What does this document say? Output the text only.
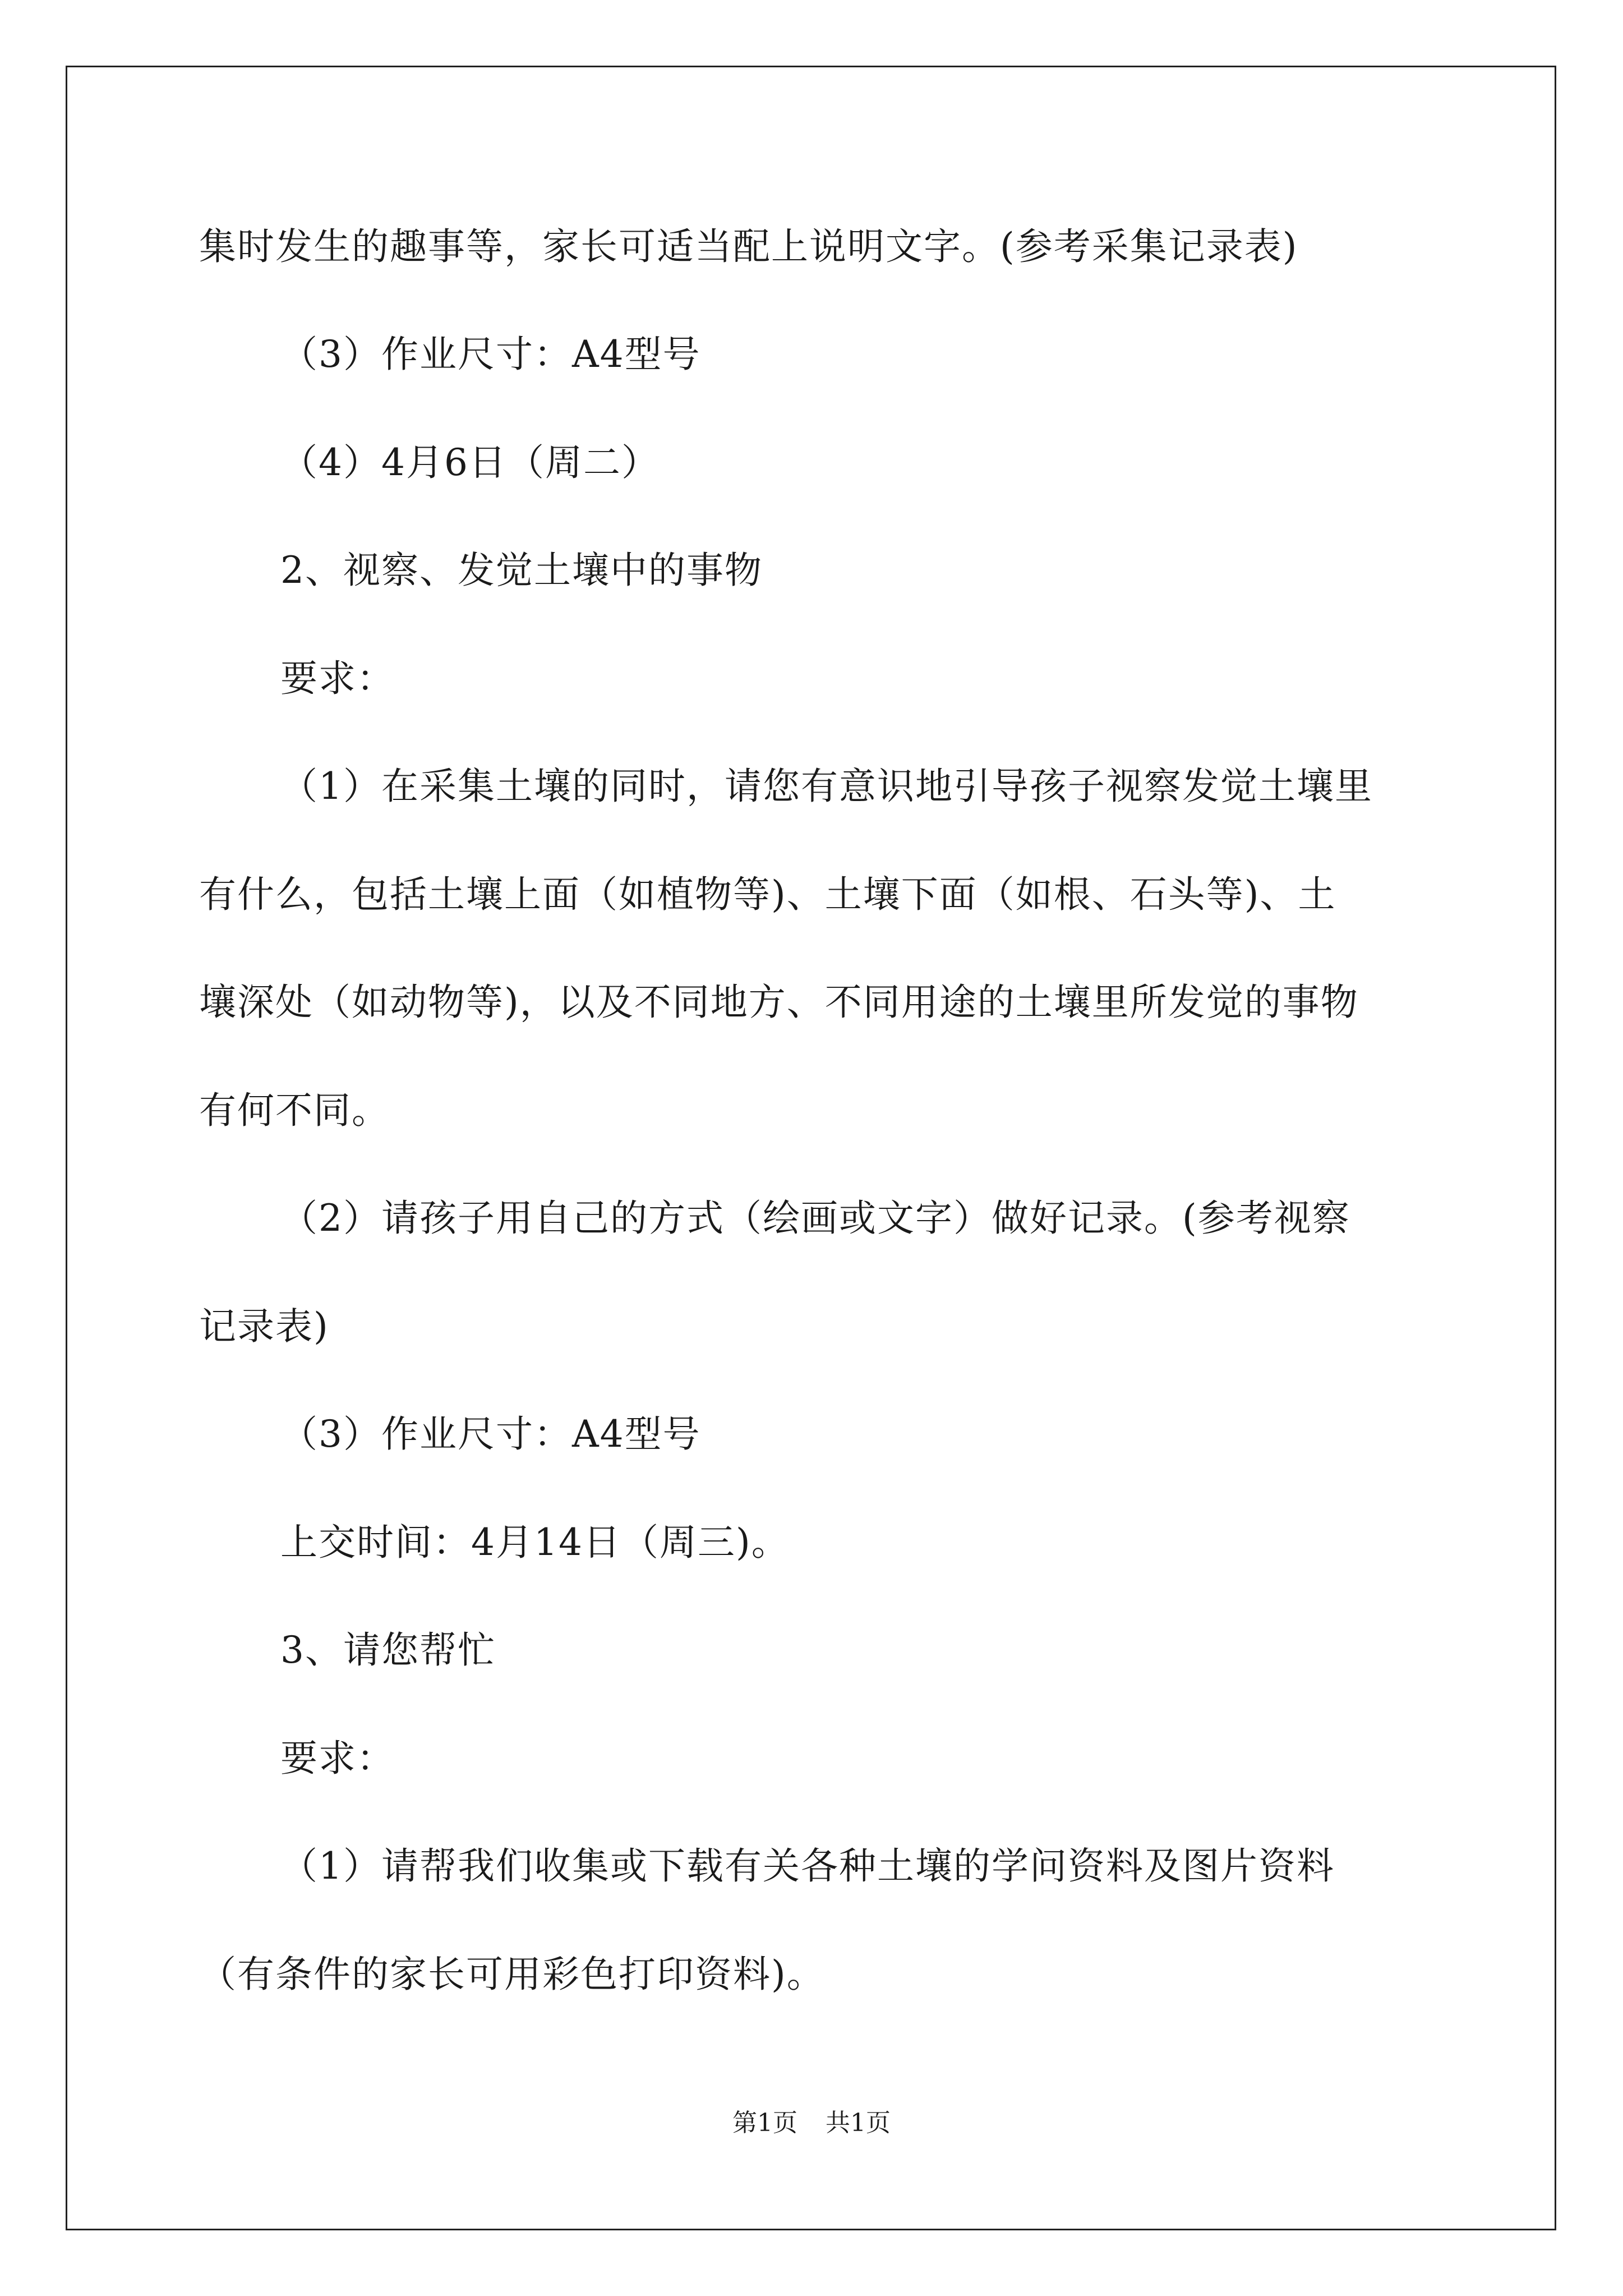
集时发生的趣事等，家长可适当配上说明文字。(参考采集记录表)
（3）作业尺寸：A4型号
（4）4月6日（周二）
2、视察、发觉土壤中的事物
要求：
（1）在采集土壤的同时，请您有意识地引导孩子视察发觉土壤里
有什么，包括土壤上面（如植物等)、土壤下面（如根、石头等)、土
壤深处（如动物等)，以及不同地方、不同用途的土壤里所发觉的事物
有何不同。
（2）请孩子用自己的方式（绘画或文字）做好记录。(参考视察
记录表)
（3）作业尺寸：A4型号
上交时间：4月14日（周三)。
3、请您帮忙
要求：
（1）请帮我们收集或下载有关各种土壤的学问资料及图片资料
（有条件的家长可用彩色打印资料)。
第1页 共1页
